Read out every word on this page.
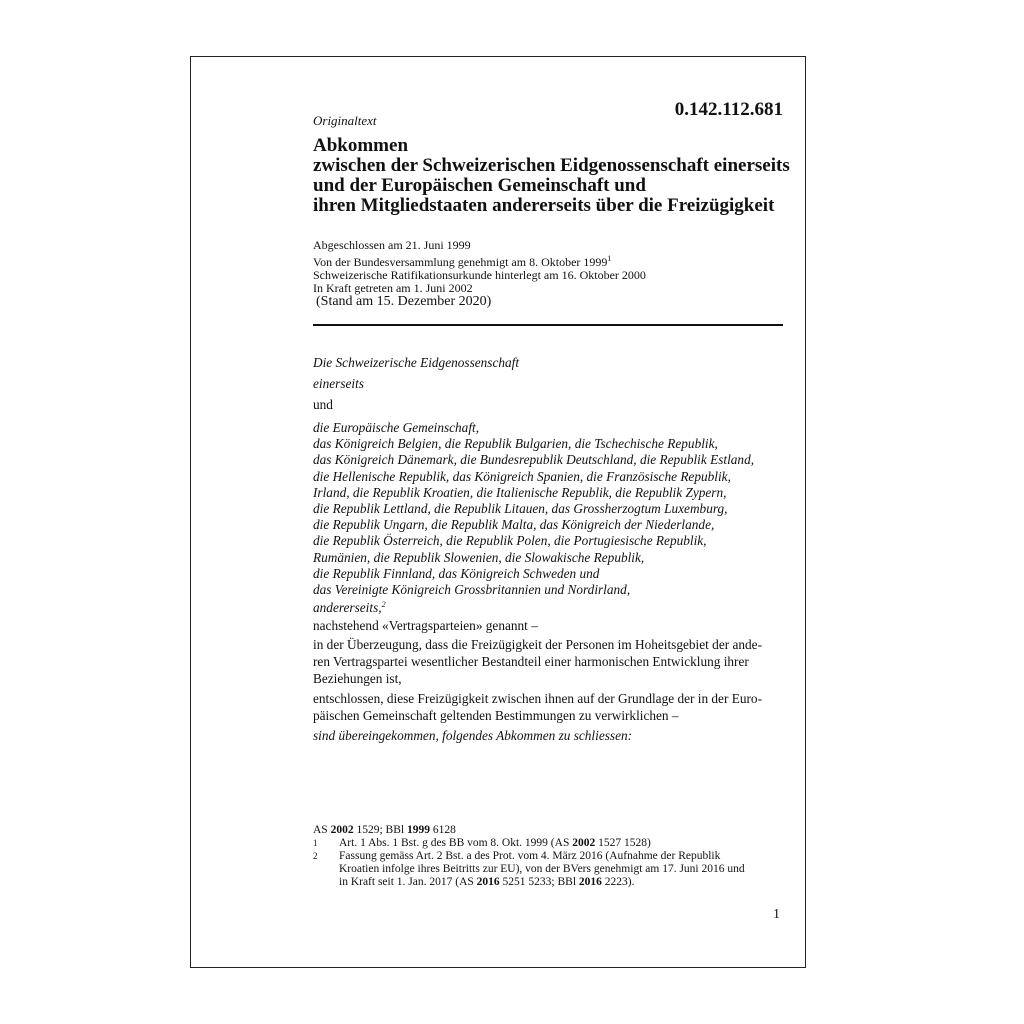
0.142.112.681
Originaltext
Abkommen
zwischen der Schweizerischen Eidgenossenschaft einerseits
und der Europäischen Gemeinschaft und
ihren Mitgliedstaaten andererseits über die Freizügigkeit
Abgeschlossen am 21. Juni 1999
Von der Bundesversammlung genehmigt am 8. Oktober 1999$^1$
Schweizerische Ratifikationsurkunde hinterlegt am 16. Oktober 2000
In Kraft getreten am 1. Juni 2002
(Stand am 15. Dezember 2020)
Die Schweizerische Eidgenossenschaft
einerseits
und
die Europäische Gemeinschaft,
das Königreich Belgien, die Republik Bulgarien, die Tschechische Republik,
das Königreich Dänemark, die Bundesrepublik Deutschland, die Republik Estland,
die Hellenische Republik, das Königreich Spanien, die Französische Republik,
Irland, die Republik Kroatien, die Italienische Republik, die Republik Zypern,
die Republik Lettland, die Republik Litauen, das Grossherzogtum Luxemburg,
die Republik Ungarn, die Republik Malta, das Königreich der Niederlande,
die Republik Österreich, die Republik Polen, die Portugiesische Republik,
Rumänien, die Republik Slowenien, die Slowakische Republik,
die Republik Finnland, das Königreich Schweden und
das Vereinigte Königreich Grossbritannien und Nordirland,
andererseits,$^2$
nachstehend «Vertragsparteien» genannt –
in der Überzeugung, dass die Freizügigkeit der Personen im Hoheitsgebiet der ande-
ren Vertragspartei wesentlicher Bestandteil einer harmonischen Entwicklung ihrer
Beziehungen ist,
entschlossen, diese Freizügigkeit zwischen ihnen auf der Grundlage der in der Euro-
päischen Gemeinschaft geltenden Bestimmungen zu verwirklichen –
sind übereingekommen, folgendes Abkommen zu schliessen:
AS 2002 1529; BBl 1999 6128
1	Art. 1 Abs. 1 Bst. g des BB vom 8. Okt. 1999 (AS 2002 1527 1528)
2	Fassung gemäss Art. 2 Bst. a des Prot. vom 4. März 2016 (Aufnahme der Republik
Kroatien infolge ihres Beitritts zur EU), von der BVers genehmigt am 17. Juni 2016 und
in Kraft seit 1. Jan. 2017 (AS 2016 5251 5233; BBl 2016 2223).
1
